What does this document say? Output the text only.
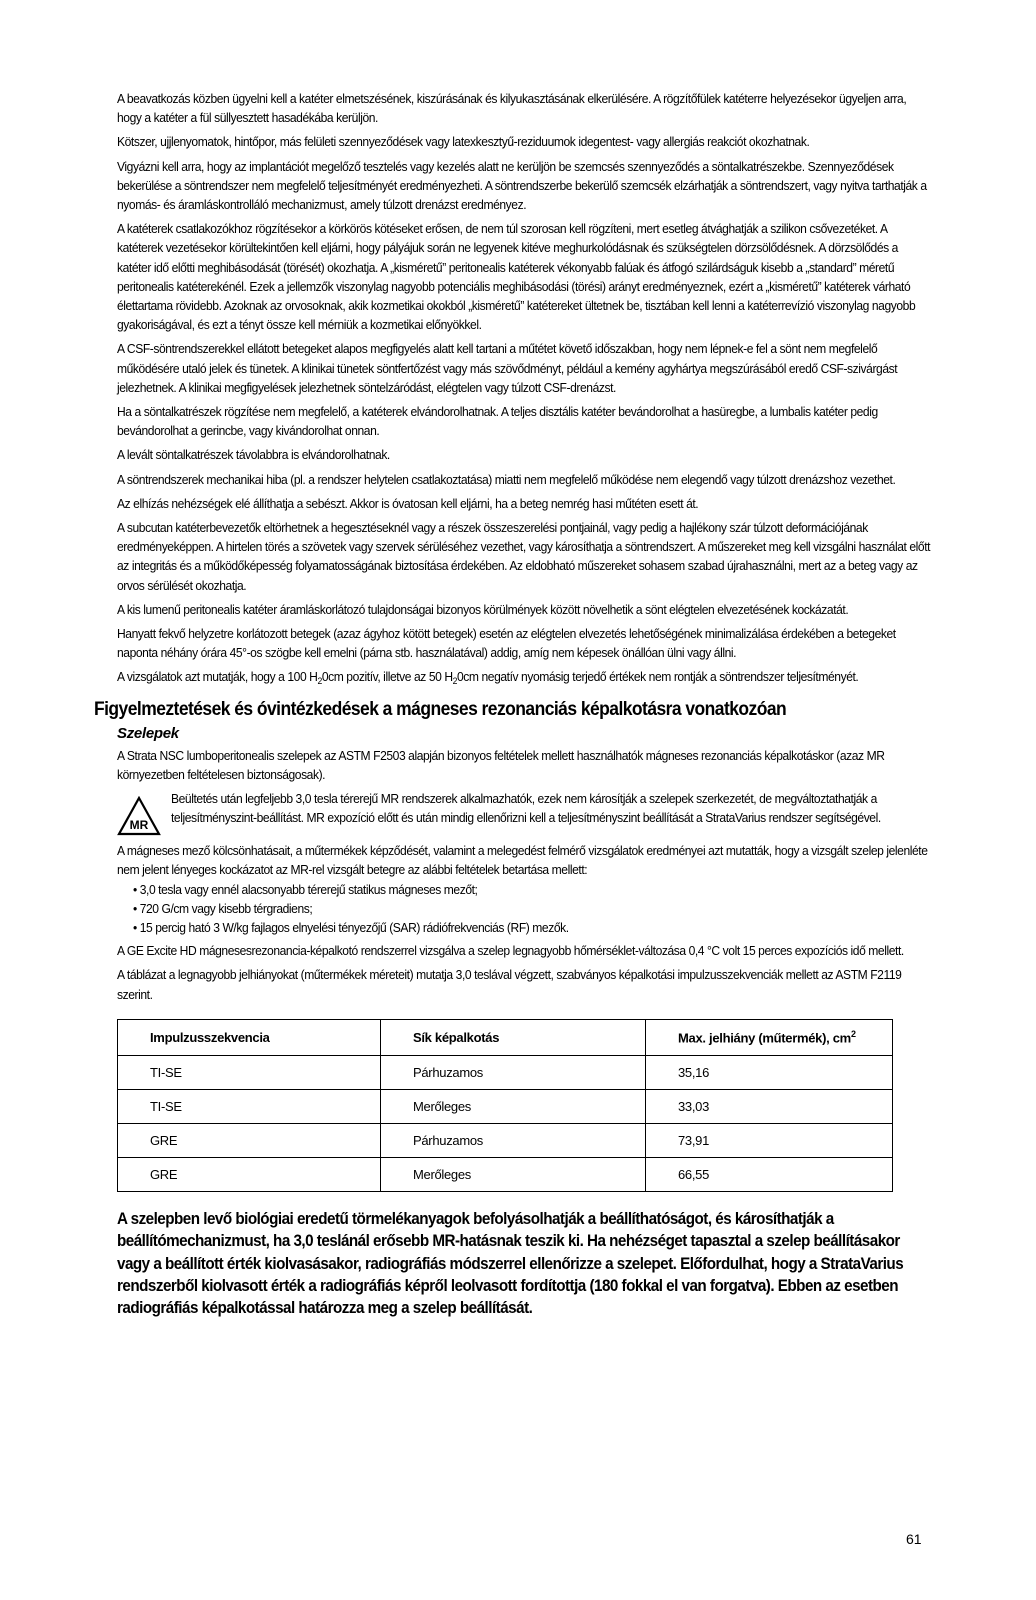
A beavatkozás közben ügyelni kell a katéter elmetszésének, kiszúrásának és kilyukasztásának elkerülésére. A rögzítőfülek katéterre helyezésekor ügyeljen arra, hogy a katéter a fül süllyesztett hasadékába kerüljön.

Kötszer, ujjlenyomatok, hintőpor, más felületi szennyeződések vagy latexkesztyű-reziduumok idegentest- vagy allergiás reakciót okozhatnak.

Vigyázni kell arra, hogy az implantációt megelőző tesztelés vagy kezelés alatt ne kerüljön be szemcsés szennyeződés a söntalkatrészekbe. Szennyeződések bekerülése a söntrendszer nem megfelelő teljesítményét eredményezheti. A söntrendszerbe bekerülő szemcsék elzárhatják a söntrendszert, vagy nyitva tarthatják a nyomás- és áramláskontrolláló mechanizmust, amely túlzott drenázst eredményez.

A katéterek csatlakozókhoz rögzítésekor a körkörös kötéseket erősen, de nem túl szorosan kell rögzíteni, mert esetleg átvághatják a szilikon csővezetéket. A katéterek vezetésekor körültekintően kell eljárni, hogy pályájuk során ne legyenek kitéve meghurkolódásnak és szükségtelen dörzsölődésnek. A dörzsölődés a katéter idő előtti meghibásodását (törését) okozhatja. A „kisméretű” peritonealis katéterek vékonyabb falúak és átfogó szilárdságuk kisebb a „standard” méretű peritonealis katéterekénél. Ezek a jellemzők viszonylag nagyobb potenciális meghibásodási (törési) arányt eredményeznek, ezért a „kisméretű” katéterek várható élettartama rövidebb. Azoknak az orvosoknak, akik kozmetikai okokból „kisméretű” katétereket ültetnek be, tisztában kell lenni a katéterrevízió viszonylag nagyobb gyakoriságával, és ezt a tényt össze kell mérniük a kozmetikai előnyökkel.

A CSF-söntrendszerekkel ellátott betegeket alapos megfigyelés alatt kell tartani a műtétet követő időszakban, hogy nem lépnek-e fel a sönt nem megfelelő működésére utaló jelek és tünetek. A klinikai tünetek söntfertőzést vagy más szövődményt, például a kemény agyhártya megszúrásából eredő CSF-szivárgást jelezhetnek. A klinikai megfigyelések jelezhetnek söntelzáródást, elégtelen vagy túlzott CSF-drenázst.

Ha a söntalkatrészek rögzítése nem megfelelő, a katéterek elvándorolhatnak. A teljes disztális katéter bevándorolhat a hasüregbe, a lumbalis katéter pedig bevándorolhat a gerincbe, vagy kivándorolhat onnan.

A levált söntalkatrészek távolabbra is elvándorolhatnak.

A söntrendszerek mechanikai hiba (pl. a rendszer helytelen csatlakoztatása) miatti nem megfelelő működése nem elegendő vagy túlzott drenázshoz vezethet.

Az elhízás nehézségek elé állíthatja a sebészt. Akkor is óvatosan kell eljárni, ha a beteg nemrég hasi műtéten esett át.

A subcutan katéterbevezetők eltörhetnek a hegesztéseknél vagy a részek összeszerelési pontjainál, vagy pedig a hajlékony szár túlzott deformációjának eredményeképpen. A hirtelen törés a szövetek vagy szervek sérüléséhez vezethet, vagy károsíthatja a söntrendszert. A műszereket meg kell vizsgálni használat előtt az integritás és a működőképesség folyamatosságának biztosítása érdekében. Az eldobható műszereket sohasem szabad újrahasználni, mert az a beteg vagy az orvos sérülését okozhatja.

A kis lumenű peritonealis katéter áramláskorlátozó tulajdonságai bizonyos körülmények között növelhetik a sönt elégtelen elvezetésének kockázatát.

Hanyatt fekvő helyzetre korlátozott betegek (azaz ágyhoz kötött betegek) esetén az elégtelen elvezetés lehetőségének minimalizálása érdekében a betegeket naponta néhány órára 45°-os szögbe kell emelni (párna stb. használatával) addig, amíg nem képesek önállóan ülni vagy állni.

A vizsgálatok azt mutatják, hogy a 100 $H_20cm$ pozitív, illetve az 50 $H_20cm$ negatív nyomásig terjedő értékek nem rontják a söntrendszer teljesítményét.

Figyelmeztetések és óvintézkedések a mágneses rezonanciás képalkotásra vonatkozóan
Szelepek

A Strata NSC lumboperitonealis szelepek az ASTM F2503 alapján bizonyos feltételek mellett használhatók mágneses rezonanciás képalkotáskor (azaz MR környezetben feltételesen biztonságosak).

MR

Beültetés után legfeljebb 3,0 tesla térerejű MR rendszerek alkalmazhatók, ezek nem károsítják a szelepek szerkezetét, de megváltoztathatják a teljesítményszint-beállítást. MR expozíció előtt és után mindig ellenőrizni kell a teljesítményszint beállítását a StrataVarius rendszer segítségével.

A mágneses mező kölcsönhatásait, a műtermékek képződését, valamint a melegedést felmérő vizsgálatok eredményei azt mutatták, hogy a vizsgált szelep jelenléte nem jelent lényeges kockázatot az MR-rel vizsgált betegre az alábbi feltételek betartása mellett:

• 3,0 tesla vagy ennél alacsonyabb térerejű statikus mágneses mezőt;
• 720 G/cm vagy kisebb térgradiens;
• 15 percig ható 3 W/kg fajlagos elnyelési tényezőjű (SAR) rádiófrekvenciás (RF) mezők.

A GE Excite HD mágnesesrezonancia-képalkotó rendszerrel vizsgálva a szelep legnagyobb hőmérséklet-változása 0,4 °C volt 15 perces expozíciós idő mellett.

A táblázat a legnagyobb jelhiányokat (műtermékek méreteit) mutatja 3,0 teslával végzett, szabványos képalkotási impulzusszekvenciák mellett az ASTM F2119 szerint.

Impulzusszekvencia	Sík képalkotás	Max. jelhiány (műtermék), $cm^2$
TI-SE	Párhuzamos	35,16
TI-SE	Merőleges	33,03
GRE	Párhuzamos	73,91
GRE	Merőleges	66,55

A szelepben levő biológiai eredetű törmelékanyagok befolyásolhatják a beállíthatóságot, és károsíthatják a beállítómechanizmust, ha 3,0 teslánál erősebb MR-hatásnak teszik ki. Ha nehézséget tapasztal a szelep beállításakor vagy a beállított érték kiolvasásakor, radiográfiás módszerrel ellenőrizze a szelepet. Előfordulhat, hogy a StrataVarius rendszerből kiolvasott érték a radiográfiás képről leolvasott fordítottja (180 fokkal el van forgatva). Ebben az esetben radiográfiás képalkotással határozza meg a szelep beállítását.

61
